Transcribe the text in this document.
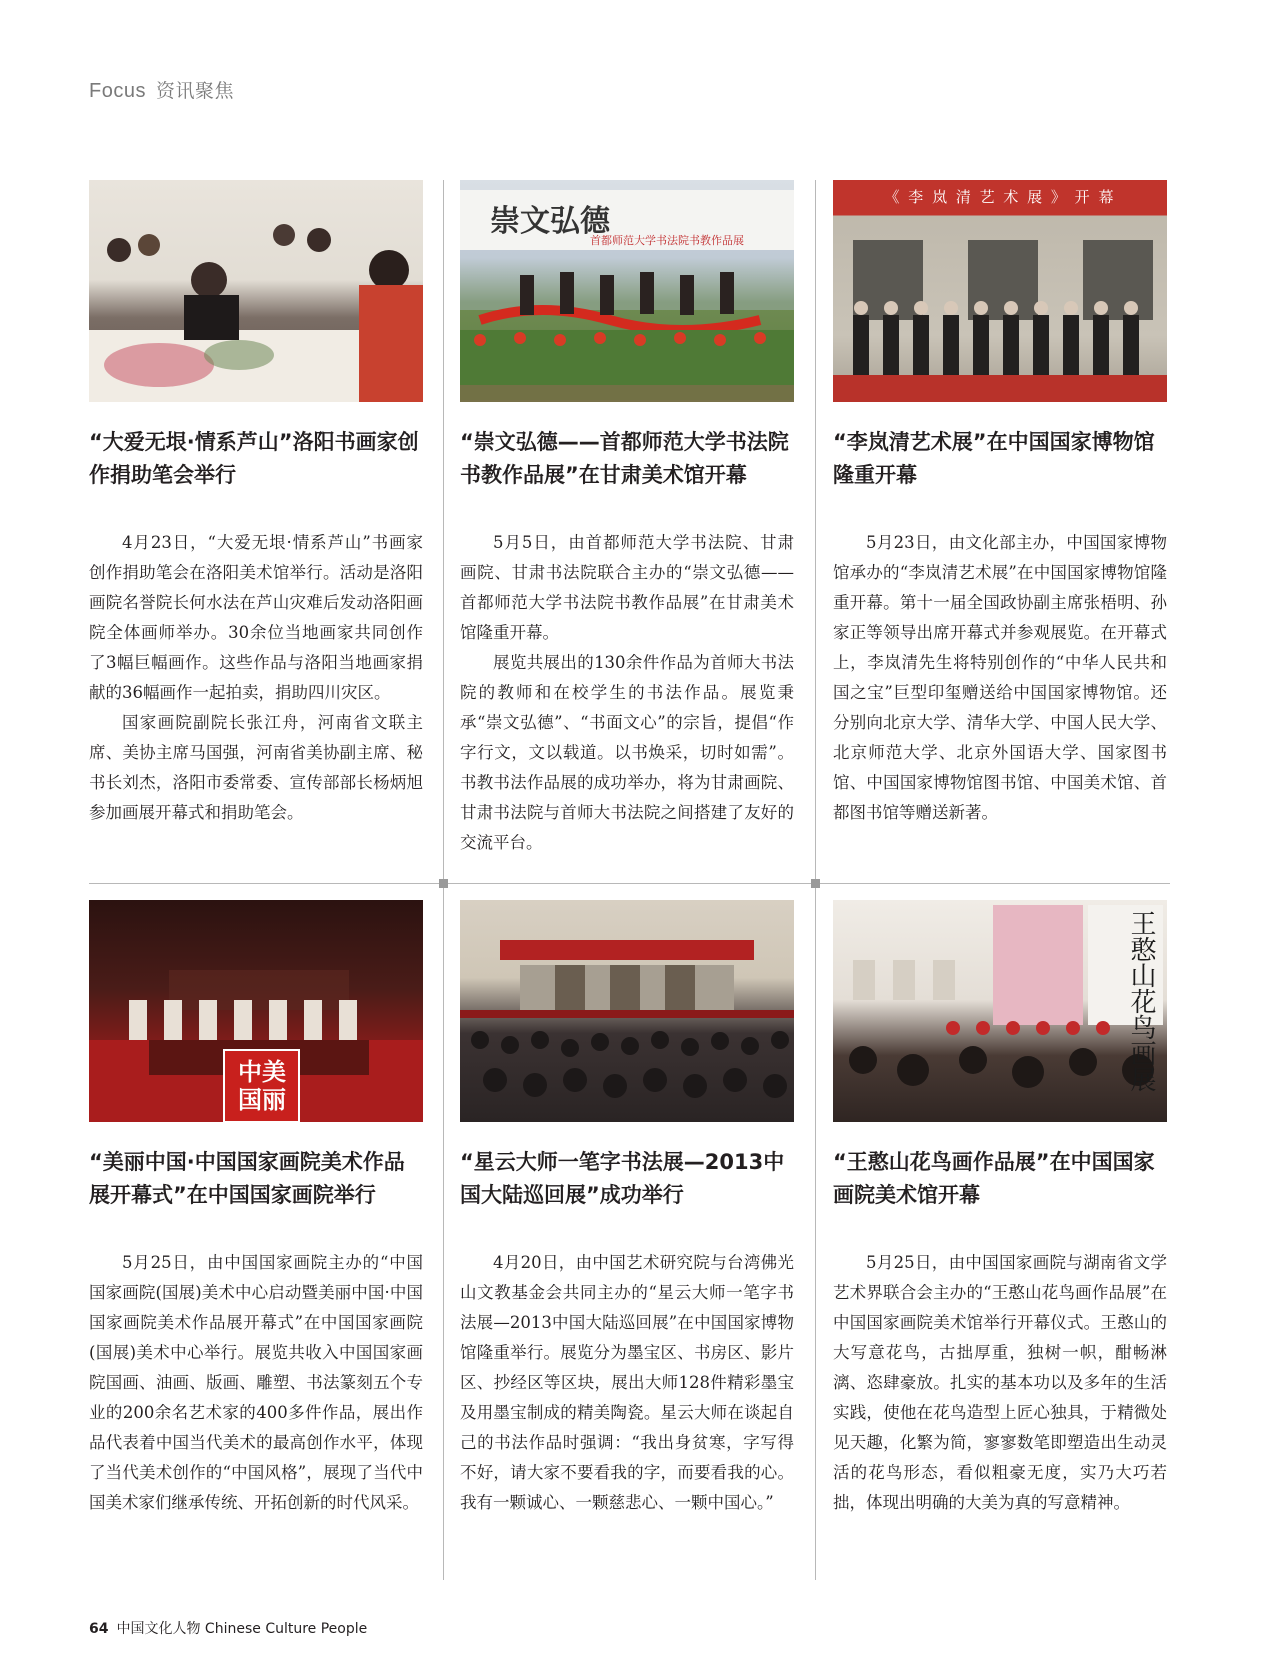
Focus 资讯聚焦
“大爱无垠·情系芦山”洛阳书画家创作捐助笔会举行

4月23日，“大爱无垠·情系芦山”书画家创作捐助笔会在洛阳美术馆举行。活动是洛阳画院名誉院长何水法在芦山灾难后发动洛阳画院全体画师举办。30余位当地画家共同创作了3幅巨幅画作。这些作品与洛阳当地画家捐献的36幅画作一起拍卖，捐助四川灾区。

国家画院副院长张江舟，河南省文联主席、美协主席马国强，河南省美协副主席、秘书长刘杰，洛阳市委常委、宣传部部长杨炳旭参加画展开幕式和捐助笔会。

崇文弘德
首都师范大学书法院书教作品展
“崇文弘德——首都师范大学书法院书教作品展”在甘肃美术馆开幕

5月5日，由首都师范大学书法院、甘肃画院、甘肃书法院联合主办的“崇文弘德——首都师范大学书法院书教作品展”在甘肃美术馆隆重开幕。

展览共展出的130余件作品为首师大书法院的教师和在校学生的书法作品。展览秉承“崇文弘德”、“书面文心”的宗旨，提倡“作字行文，文以载道。以书焕采，切时如需”。书教书法作品展的成功举办，将为甘肃画院、甘肃书法院与首师大书法院之间搭建了友好的交流平台。

《 李 岚 清 艺 术 展 》 开 幕
“李岚清艺术展”在中国国家博物馆隆重开幕

5月23日，由文化部主办，中国国家博物馆承办的“李岚清艺术展”在中国国家博物馆隆重开幕。第十一届全国政协副主席张梧明、孙家正等领导出席开幕式并参观展览。在开幕式上，李岚清先生将特别创作的“中华人民共和国之宝”巨型印玺赠送给中国国家博物馆。还分别向北京大学、清华大学、中国人民大学、北京师范大学、北京外国语大学、国家图书馆、中国国家博物馆图书馆、中国美术馆、首都图书馆等赠送新著。

中美国丽
“美丽中国·中国国家画院美术作品展开幕式”在中国国家画院举行

5月25日，由中国国家画院主办的“中国国家画院(国展)美术中心启动暨美丽中国·中国国家画院美术作品展开幕式”在中国国家画院(国展)美术中心举行。展览共收入中国国家画院国画、油画、版画、雕塑、书法篆刻五个专业的200余名艺术家的400多件作品，展出作品代表着中国当代美术的最高创作水平，体现了当代美术创作的“中国风格”，展现了当代中国美术家们继承传统、开拓创新的时代风采。

“星云大师一笔字书法展—2013中国大陆巡回展”成功举行

4月20日，由中国艺术研究院与台湾佛光山文教基金会共同主办的“星云大师一笔字书法展—2013中国大陆巡回展”在中国国家博物馆隆重举行。展览分为墨宝区、书房区、影片区、抄经区等区块，展出大师128件精彩墨宝及用墨宝制成的精美陶瓷。星云大师在谈起自己的书法作品时强调：“我出身贫寒，字写得不好，请大家不要看我的字，而要看我的心。我有一颗诚心、一颗慈悲心、一颗中国心。”

王憨山花鸟画展
“王憨山花鸟画作品展”在中国国家画院美术馆开幕

5月25日，由中国国家画院与湖南省文学艺术界联合会主办的“王憨山花鸟画作品展”在中国国家画院美术馆举行开幕仪式。王憨山的大写意花鸟，古拙厚重，独树一帜，酣畅淋漓、恣肆豪放。扎实的基本功以及多年的生活实践，使他在花鸟造型上匠心独具，于精微处见天趣，化繁为简，寥寥数笔即塑造出生动灵活的花鸟形态，看似粗豪无度，实乃大巧若拙，体现出明确的大美为真的写意精神。

64 中国文化人物 Chinese Culture People
